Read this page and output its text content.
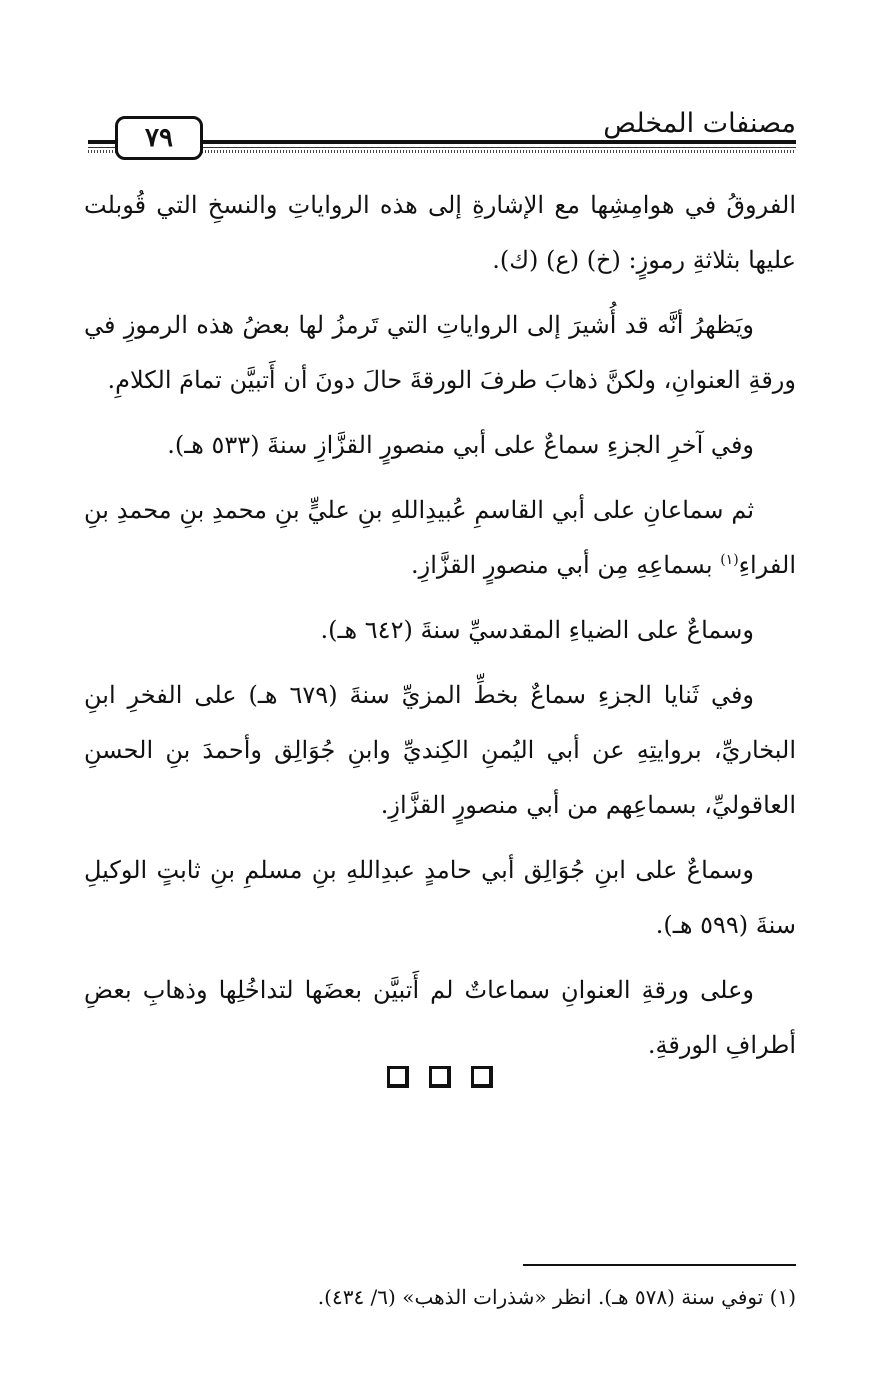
مصنفات المخلص
٧٩

الفروقُ في هوامِشِها مع الإشارةِ إلى هذه الرواياتِ والنسخِ التي قُوبلت عليها بثلاثةِ رموزٍ: (خ) (ع) (ك).

ويَظهرُ أنَّه قد أُشيرَ إلى الرواياتِ التي تَرمزُ لها بعضُ هذه الرموزِ في ورقةِ العنوانِ، ولكنَّ ذهابَ طرفَ الورقةَ حالَ دونَ أن أَتبيَّن تمامَ الكلامِ.

وفي آخرِ الجزءِ سماعٌ على أبي منصورٍ القزَّازِ سنةَ (٥٣٣ هـ).

ثم سماعانِ على أبي القاسمِ عُبيدِاللهِ بنِ عليٍّ بنِ محمدِ بنِ محمدِ بنِ الفراءِ$^{(١)}$ بسماعِهِ مِن أبي منصورٍ القزَّازِ.

وسماعٌ على الضياءِ المقدسيِّ سنةَ (٦٤٢ هـ).

وفي ثَنايا الجزءِ سماعٌ بخطِّ المزيِّ سنةَ (٦٧٩ هـ) على الفخرِ ابنِ البخاريِّ، بروايتِهِ عن أبي اليُمنِ الكِنديِّ وابنِ جُوَالِق وأحمدَ بنِ الحسنِ العاقوليِّ، بسماعِهم من أبي منصورٍ القزَّازِ.

وسماعٌ على ابنِ جُوَالِق أبي حامدٍ عبدِاللهِ بنِ مسلمِ بنِ ثابتٍ الوكيلِ سنةَ (٥٩٩ هـ).

وعلى ورقةِ العنوانِ سماعاتٌ لم أَتبيَّن بعضَها لتداخُلِها وذهابِ بعضِ أطرافِ الورقةِ.

(١) توفي سنة (٥٧٨ هـ). انظر «شذرات الذهب» (٦/ ٤٣٤).
